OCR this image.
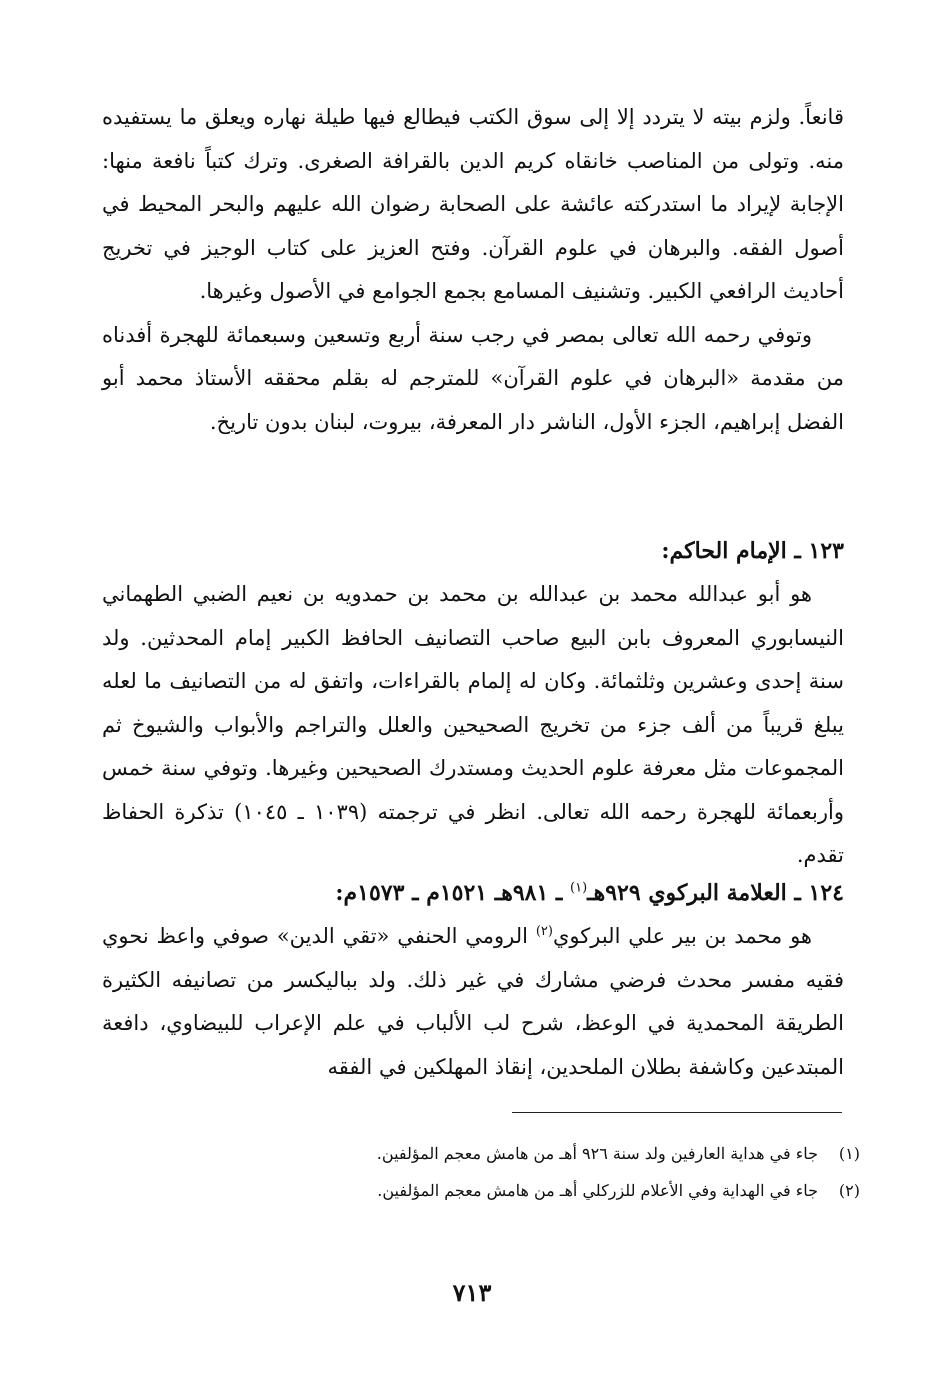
قانعاً. ولزم بيته لا يتردد إلا إلى سوق الكتب فيطالع فيها طيلة نهاره ويعلق ما يستفيده منه. وتولى من المناصب خانقاه كريم الدين بالقرافة الصغرى. وترك كتباً نافعة منها: الإجابة لإيراد ما استدركته عائشة على الصحابة رضوان الله عليهم والبحر المحيط في أصول الفقه. والبرهان في علوم القرآن. وفتح العزيز على كتاب الوجيز في تخريج أحاديث الرافعي الكبير. وتشنيف المسامع بجمع الجوامع في الأصول وغيرها.

وتوفي رحمه الله تعالى بمصر في رجب سنة أربع وتسعين وسبعمائة للهجرة أفدناه من مقدمة «البرهان في علوم القرآن» للمترجم له بقلم محققه الأستاذ محمد أبو الفضل إبراهيم، الجزء الأول، الناشر دار المعرفة، بيروت، لبنان بدون تاريخ.

١٢٣ ـ الإمام الحاكم:

هو أبو عبدالله محمد بن عبدالله بن محمد بن حمدويه بن نعيم الضبي الطهماني النيسابوري المعروف بابن البيع صاحب التصانيف الحافظ الكبير إمام المحدثين. ولد سنة إحدى وعشرين وثلثمائة. وكان له إلمام بالقراءات، واتفق له من التصانيف ما لعله يبلغ قريباً من ألف جزء من تخريج الصحيحين والعلل والتراجم والأبواب والشيوخ ثم المجموعات مثل معرفة علوم الحديث ومستدرك الصحيحين وغيرها. وتوفي سنة خمس وأربعمائة للهجرة رحمه الله تعالى. انظر في ترجمته (١٠٣٩ ـ ١٠٤٥) تذكرة الحفاظ تقدم.

١٢٤ ـ العلامة البركوي ٩٢٩هـ$^{(١)}$ ـ ٩٨١هـ ١٥٢١م ـ ١٥٧٣م:

هو محمد بن بير علي البركوي$^{(٢)}$ الرومي الحنفي «تقي الدين» صوفي واعظ نحوي فقيه مفسر محدث فرضي مشارك في غير ذلك. ولد بباليكسر من تصانيفه الكثيرة الطريقة المحمدية في الوعظ، شرح لب الألباب في علم الإعراب للبيضاوي، دافعة المبتدعين وكاشفة بطلان الملحدين، إنقاذ المهلكين في الفقه

(١)جاء في هداية العارفين ولد سنة ٩٢٦ أهـ من هامش معجم المؤلفين.

(٢)جاء في الهداية وفي الأعلام للزركلي أهـ من هامش معجم المؤلفين.

٧١٣
